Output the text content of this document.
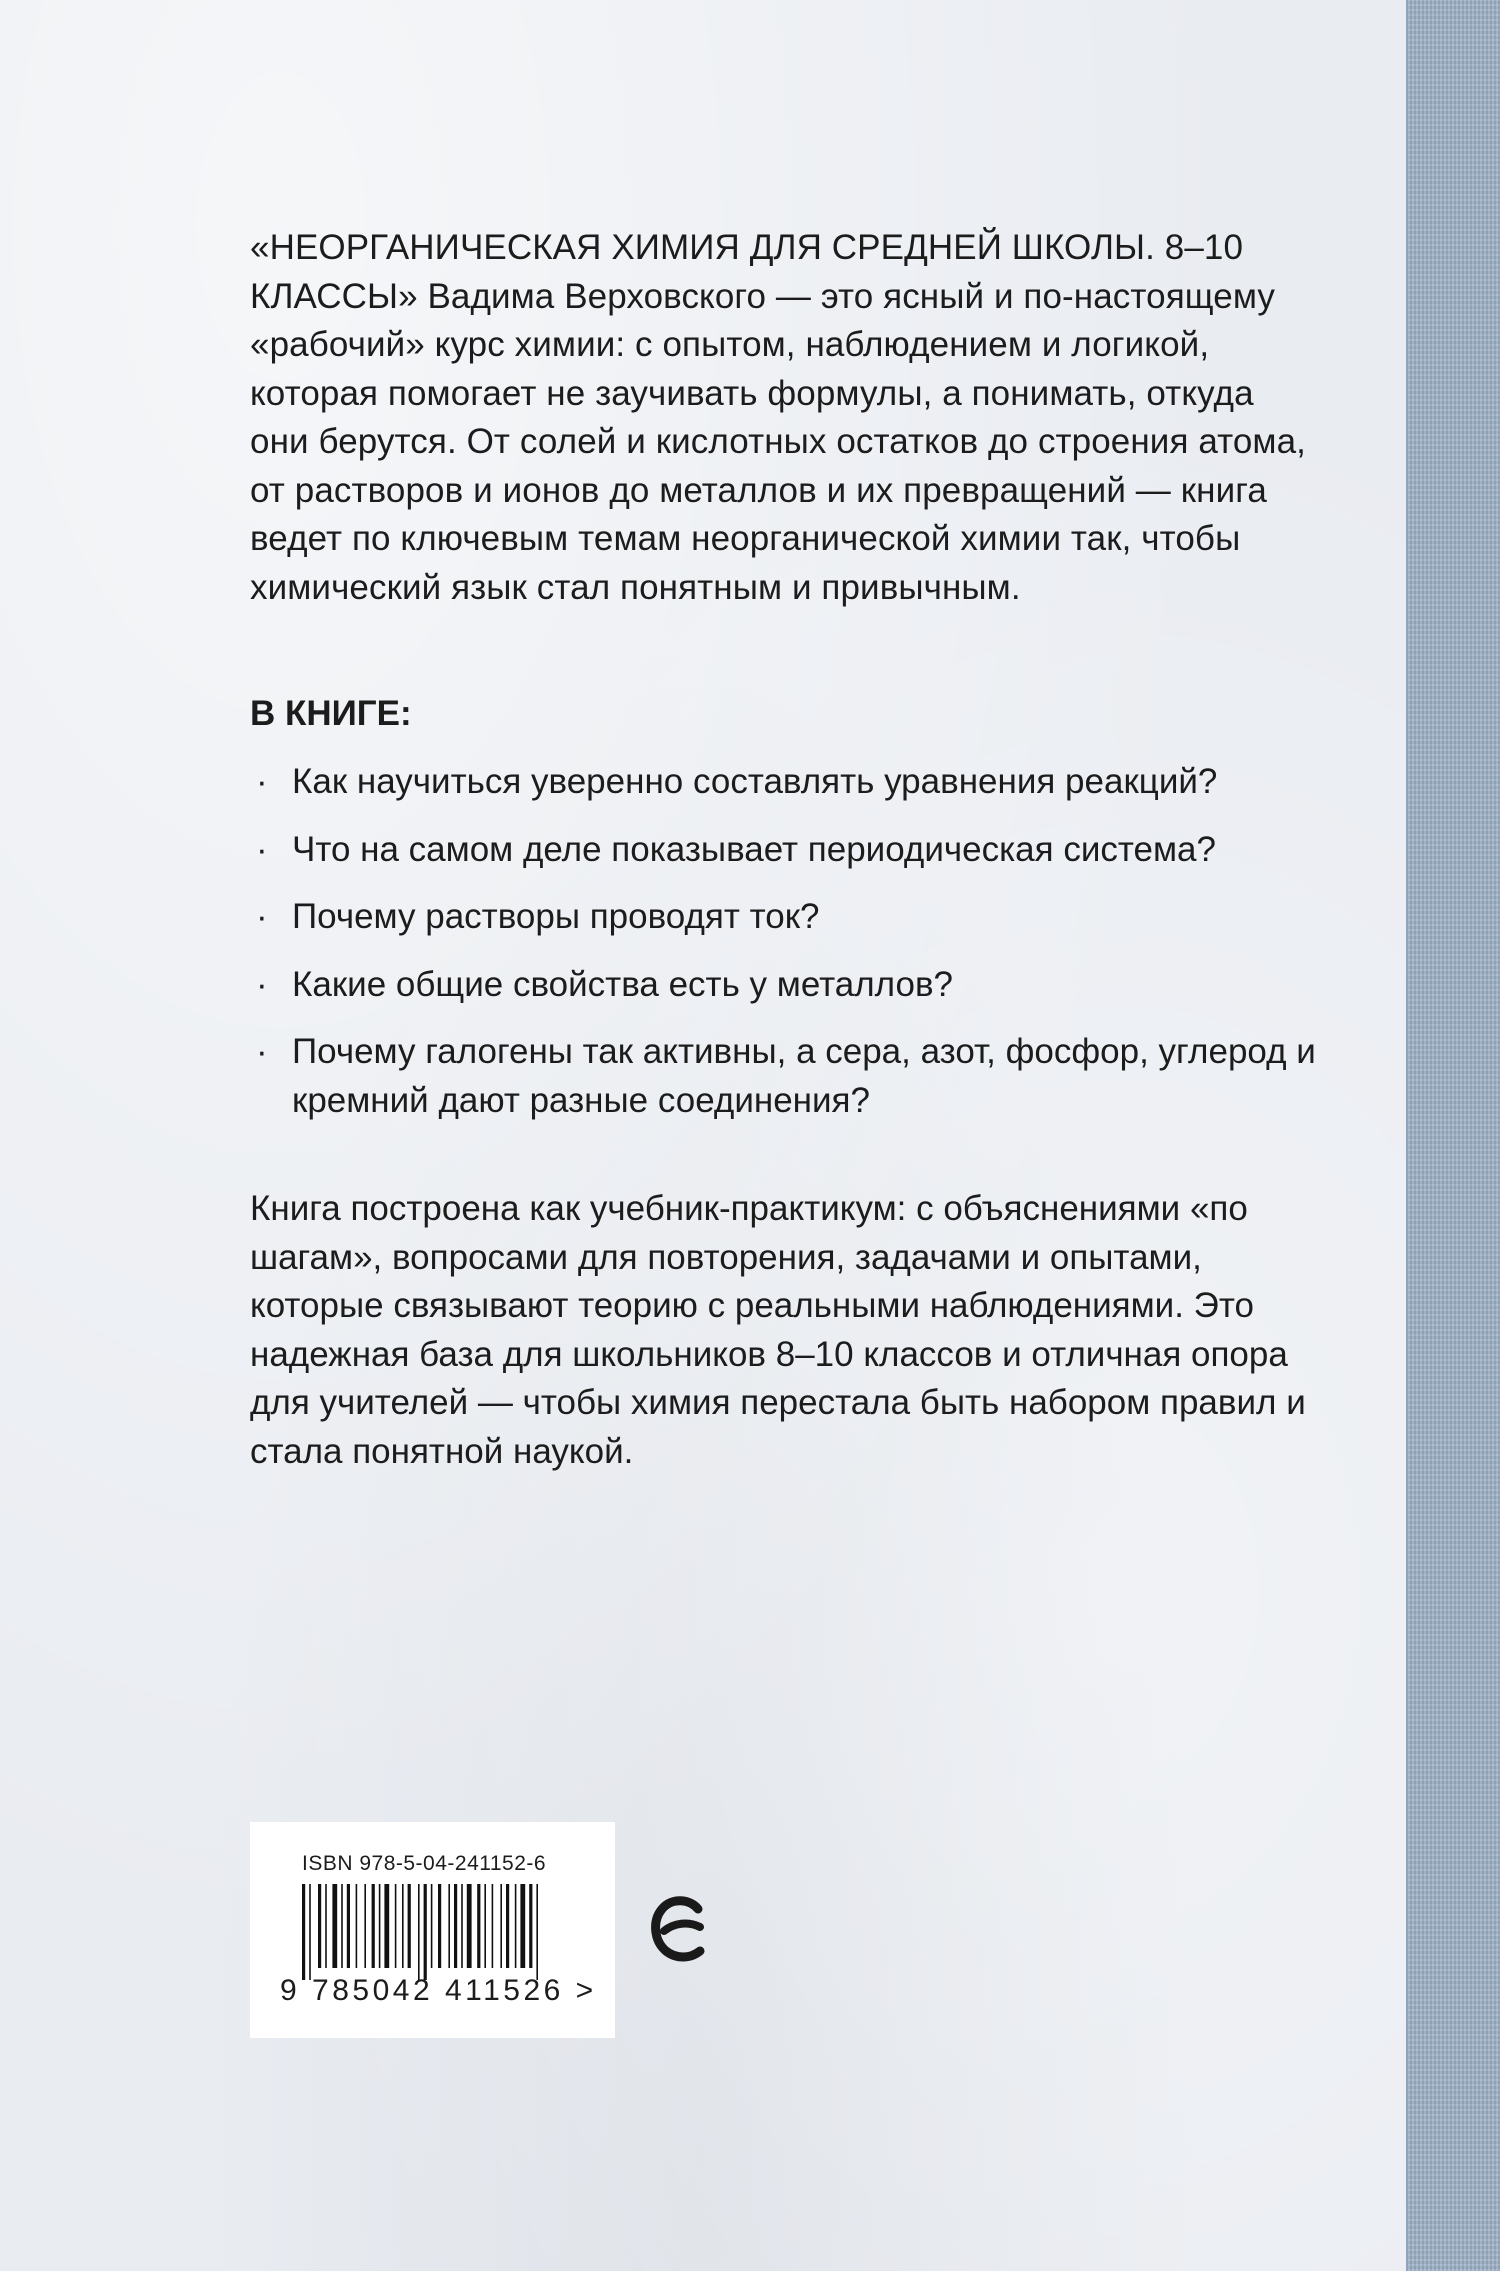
«НЕОРГАНИЧЕСКАЯ ХИМИЯ ДЛЯ СРЕДНЕЙ ШКОЛЫ. 8–10 КЛАССЫ» Вадима Верховского — это ясный и по-настоящему «рабочий» курс химии: с опытом, наблюдением и логикой, которая помогает не заучивать формулы, а понимать, откуда они берутся. От солей и кислотных остатков до строения атома, от растворов и ионов до металлов и их превращений — книга ведет по ключевым темам неорганической химии так, чтобы химический язык стал понятным и привычным.

В КНИГЕ:
· Как научиться уверенно составлять уравнения реакций?
· Что на самом деле показывает периодическая система?
· Почему растворы проводят ток?
· Какие общие свойства есть у металлов?
· Почему галогены так активны, а сера, азот, фосфор, углерод и кремний дают разные соединения?

Книга построена как учебник-практикум: с объяснениями «по шагам», вопросами для повторения, задачами и опытами, которые связывают теорию с реальными наблюдениями. Это надежная база для школьников 8–10 классов и отличная опора для учителей — чтобы химия перестала быть набором правил и стала понятной наукой.

ISBN 978-5-04-241152-6
9 785042 411526 >
